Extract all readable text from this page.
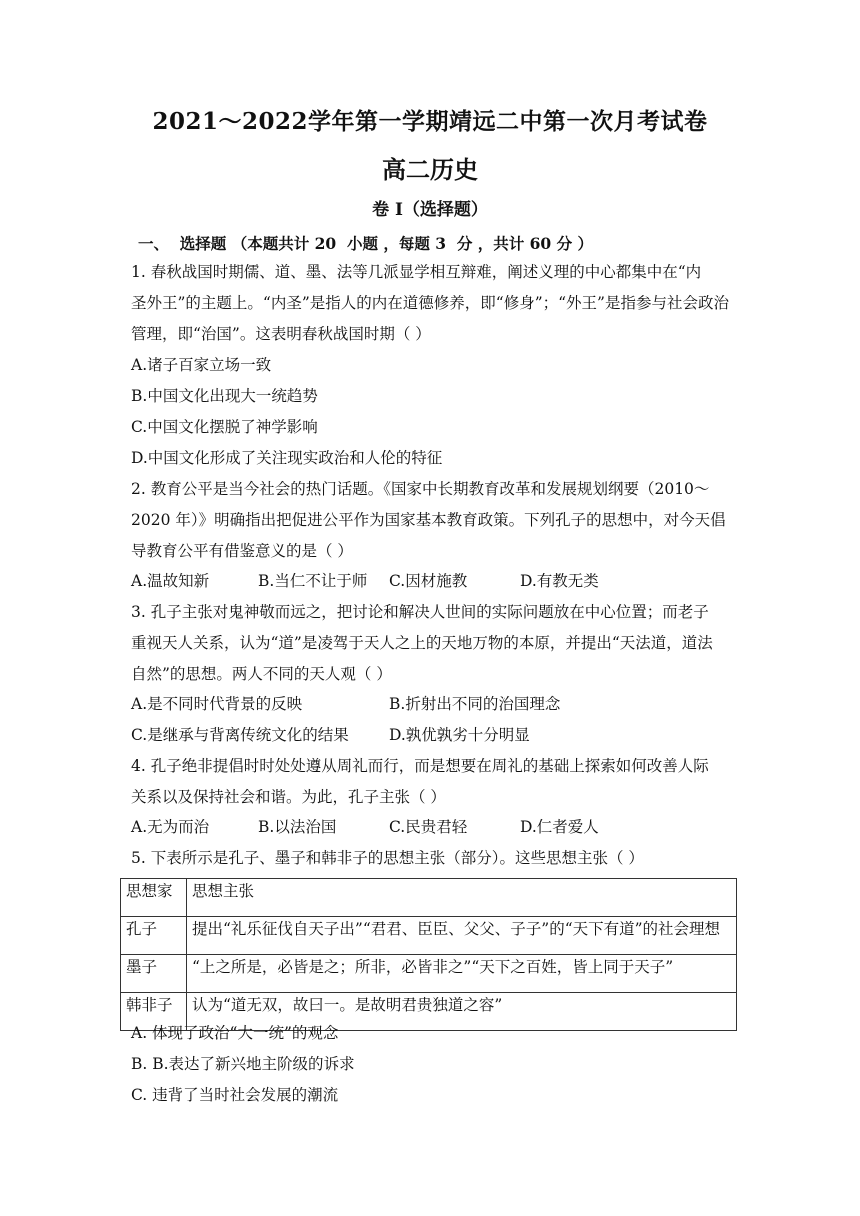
2021～2022学年第一学期靖远二中第一次月考试卷
高二历史
卷 I（选择题）
一、  选择题 （本题共计 20  小题 ，每题 3  分 ，共计 60 分 ）
1. 春秋战国时期儒、道、墨、法等几派显学相互辩难，阐述义理的中心都集中在“内
圣外王”的主题上。“内圣”是指人的内在道德修养，即“修身”；“外王”是指参与社会政治
管理，即“治国”。这表明春秋战国时期（ ）
A.诸子百家立场一致
B.中国文化出现大一统趋势
C.中国文化摆脱了神学影响
D.中国文化形成了关注现实政治和人伦的特征
2. 教育公平是当今社会的热门话题。《国家中长期教育改革和发展规划纲要（2010～
2020 年）》明确指出把促进公平作为国家基本教育政策。下列孔子的思想中，对今天倡
导教育公平有借鉴意义的是（ ）
A.温故知新	B.当仁不让于师 C.因材施教	D.有教无类
3. 孔子主张对鬼神敬而远之，把讨论和解决人世间的实际问题放在中心位置；而老子
重视天人关系，认为“道”是凌驾于天人之上的天地万物的本原，并提出“天法道，道法
自然”的思想。两人不同的天人观（ ）
A.是不同时代背景的反映	B.折射出不同的治国理念
C.是继承与背离传统文化的结果	D.孰优孰劣十分明显
4. 孔子绝非提倡时时处处遵从周礼而行，而是想要在周礼的基础上探索如何改善人际
关系以及保持社会和谐。为此，孔子主张（ ）
A.无为而治	B.以法治国	C.民贵君轻	D.仁者爱人
5. 下表所示是孔子、墨子和韩非子的思想主张（部分）。这些思想主张（ ）
思想家	思想主张
孔子	提出“礼乐征伐自天子出”“君君、臣臣、父父、子子”的“天下有道”的社会理想
墨子	“上之所是，必皆是之；所非，必皆非之”“天下之百姓，皆上同于天子”
韩非子	认为“道无双，故曰一。是故明君贵独道之容”
A. 体现了政治“大一统”的观念
B. B.表达了新兴地主阶级的诉求
C. 违背了当时社会发展的潮流
